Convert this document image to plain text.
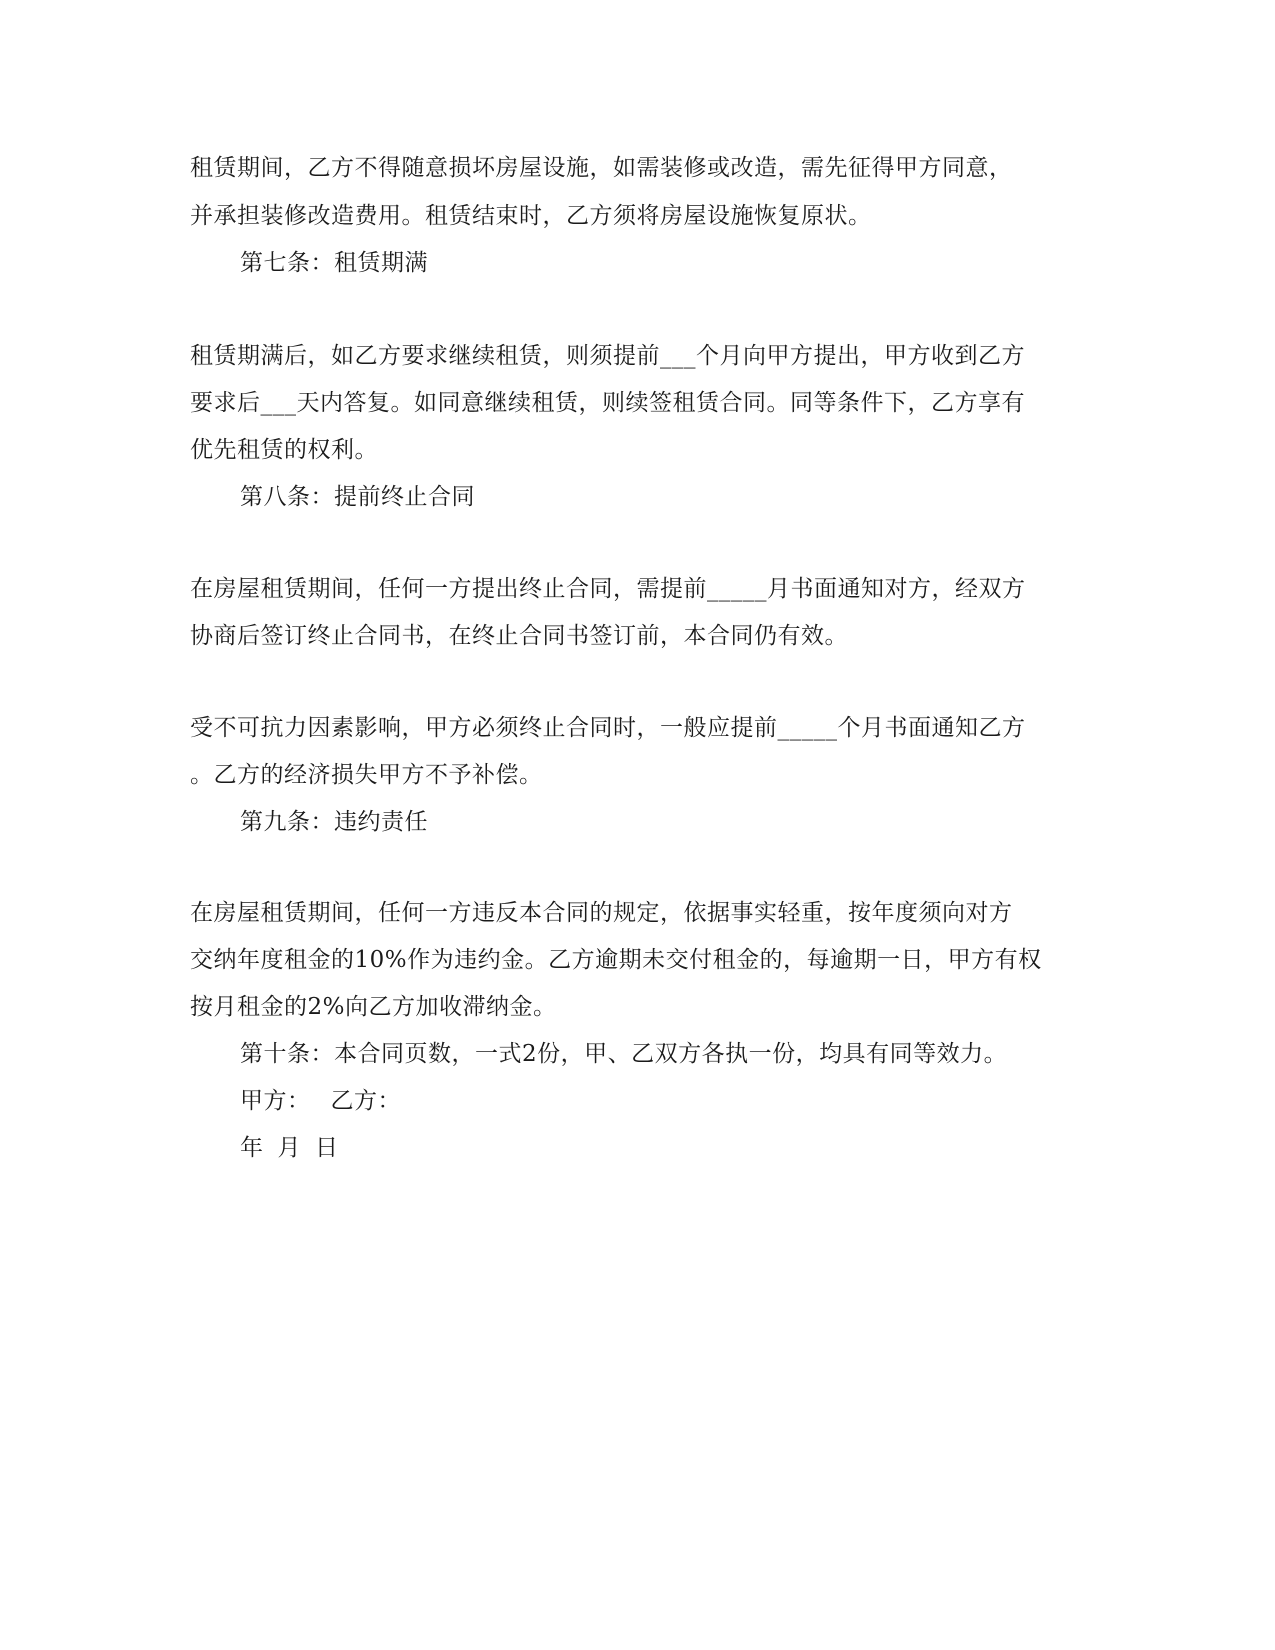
租赁期间，乙方不得随意损坏房屋设施，如需装修或改造，需先征得甲方同意，
并承担装修改造费用。租赁结束时，乙方须将房屋设施恢复原状。
第七条：租赁期满
租赁期满后，如乙方要求继续租赁，则须提前___个月向甲方提出，甲方收到乙方
要求后___天内答复。如同意继续租赁，则续签租赁合同。同等条件下，乙方享有
优先租赁的权利。
第八条：提前终止合同
在房屋租赁期间，任何一方提出终止合同，需提前_____月书面通知对方，经双方
协商后签订终止合同书，在终止合同书签订前，本合同仍有效。
受不可抗力因素影响，甲方必须终止合同时，一般应提前_____个月书面通知乙方
。乙方的经济损失甲方不予补偿。
第九条：违约责任
在房屋租赁期间，任何一方违反本合同的规定，依据事实轻重，按年度须向对方
交纳年度租金的10%作为违约金。乙方逾期未交付租金的，每逾期一日，甲方有权
按月租金的2%向乙方加收滞纳金。
第十条：本合同页数，一式2份，甲、乙双方各执一份，均具有同等效力。
甲方： 乙方：
年 月 日
